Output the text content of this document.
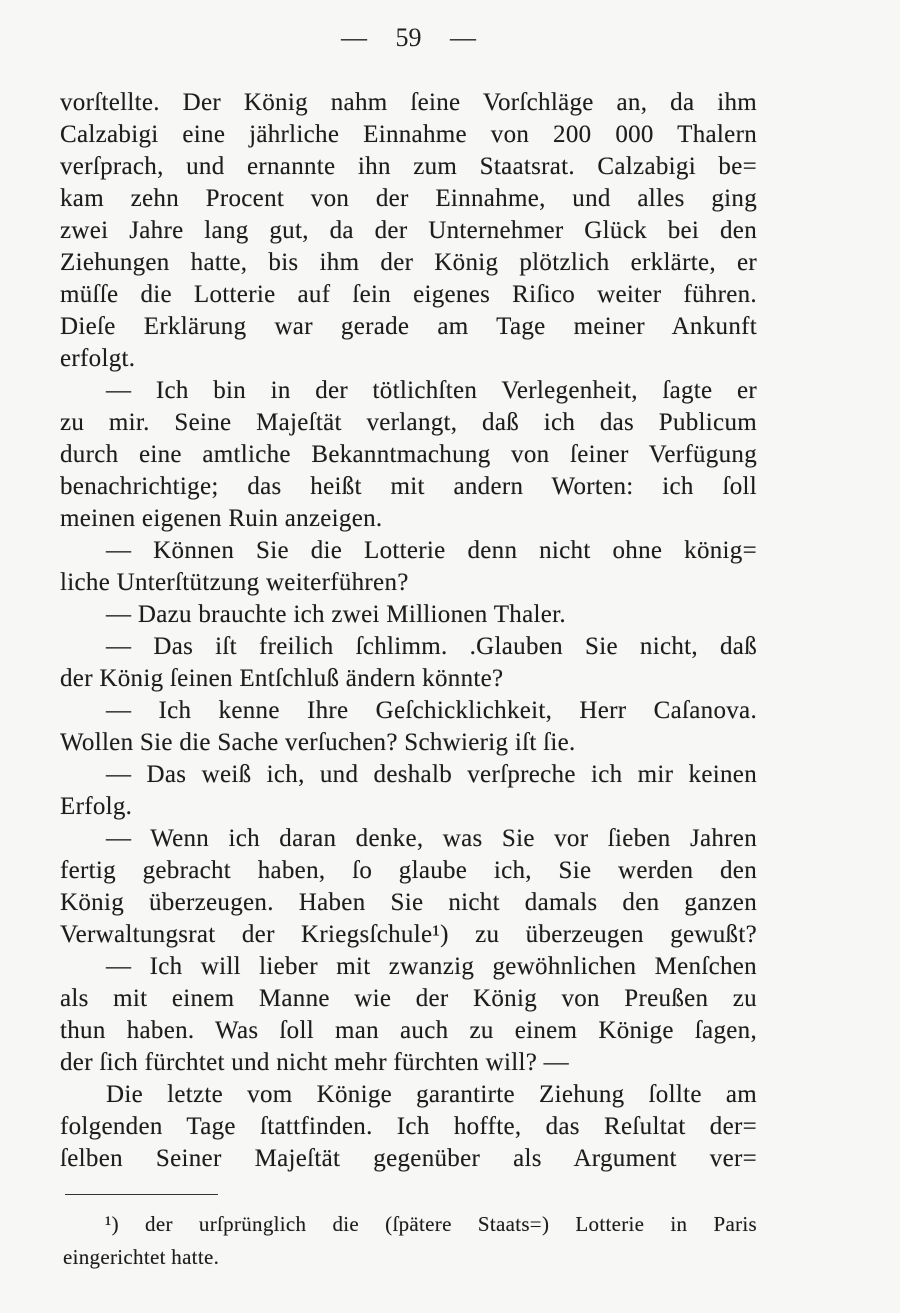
— 59 —
vorſtellte. Der König nahm ſeine Vorſchläge an, da ihm
Calzabigi eine jährliche Einnahme von 200 000 Thalern
verſprach, und ernannte ihn zum Staatsrat. Calzabigi be=
kam zehn Procent von der Einnahme, und alles ging
zwei Jahre lang gut, da der Unternehmer Glück bei den
Ziehungen hatte, bis ihm der König plötzlich erklärte, er
müſſe die Lotterie auf ſein eigenes Riſico weiter führen.
Dieſe Erklärung war gerade am Tage meiner Ankunft
erfolgt.
— Ich bin in der tötlichſten Verlegenheit, ſagte er
zu mir. Seine Majeſtät verlangt, daß ich das Publicum
durch eine amtliche Bekanntmachung von ſeiner Verfügung
benachrichtige; das heißt mit andern Worten: ich ſoll
meinen eigenen Ruin anzeigen.
— Können Sie die Lotterie denn nicht ohne könig=
liche Unterſtützung weiterführen?
— Dazu brauchte ich zwei Millionen Thaler.
— Das iſt freilich ſchlimm. .Glauben Sie nicht, daß
der König ſeinen Entſchluß ändern könnte?
— Ich kenne Ihre Geſchicklichkeit, Herr Caſanova.
Wollen Sie die Sache verſuchen? Schwierig iſt ſie.
— Das weiß ich, und deshalb verſpreche ich mir keinen
Erfolg.
— Wenn ich daran denke, was Sie vor ſieben Jahren
fertig gebracht haben, ſo glaube ich, Sie werden den
König überzeugen. Haben Sie nicht damals den ganzen
Verwaltungsrat der Kriegsſchule¹) zu überzeugen gewußt?
— Ich will lieber mit zwanzig gewöhnlichen Menſchen
als mit einem Manne wie der König von Preußen zu
thun haben. Was ſoll man auch zu einem Könige ſagen,
der ſich fürchtet und nicht mehr fürchten will? —
Die letzte vom Könige garantirte Ziehung ſollte am
folgenden Tage ſtattfinden. Ich hoffte, das Reſultat der=
ſelben Seiner Majeſtät gegenüber als Argument ver=
¹) der urſprünglich die (ſpätere Staats=) Lotterie in Paris
eingerichtet hatte.
